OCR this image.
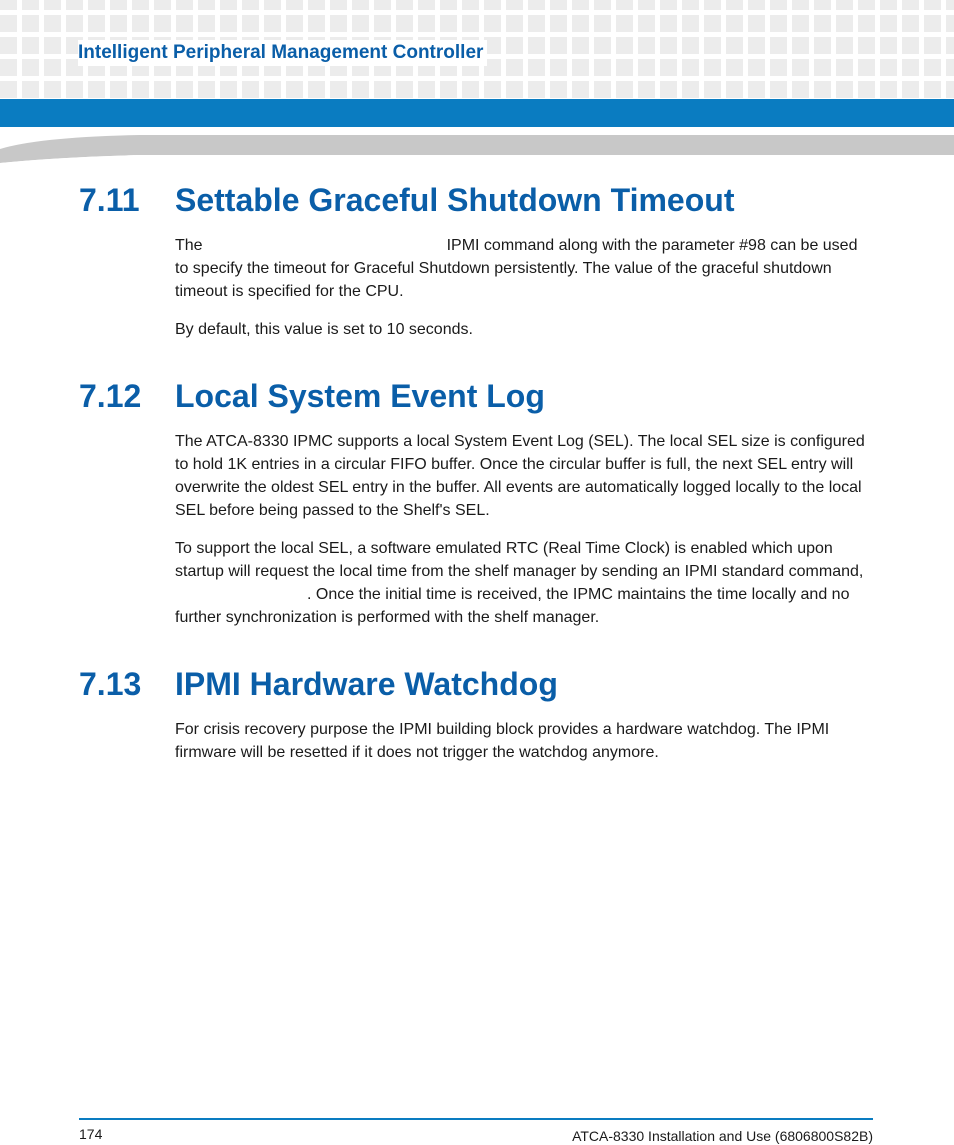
Intelligent Peripheral Management Controller
7.11 Settable Graceful Shutdown Timeout

The	IPMI command along with the parameter #98 can be used to specify the timeout for Graceful Shutdown persistently. The value of the graceful shutdown timeout is specified for the CPU.

By default, this value is set to 10 seconds.

7.12 Local System Event Log

The ATCA-8330 IPMC supports a local System Event Log (SEL). The local SEL size is configured to hold 1K entries in a circular FIFO buffer. Once the circular buffer is full, the next SEL entry will overwrite the oldest SEL entry in the buffer. All events are automatically logged locally to the local SEL before being passed to the Shelf's SEL.

To support the local SEL, a software emulated RTC (Real Time Clock) is enabled which upon startup will request the local time from the shelf manager by sending an IPMI standard command,. Once the initial time is received, the IPMC maintains the time locally and no further synchronization is performed with the shelf manager.

7.13 IPMI Hardware Watchdog

For crisis recovery purpose the IPMI building block provides a hardware watchdog. The IPMI firmware will be resetted if it does not trigger the watchdog anymore.

174	ATCA-8330 Installation and Use (6806800S82B)
